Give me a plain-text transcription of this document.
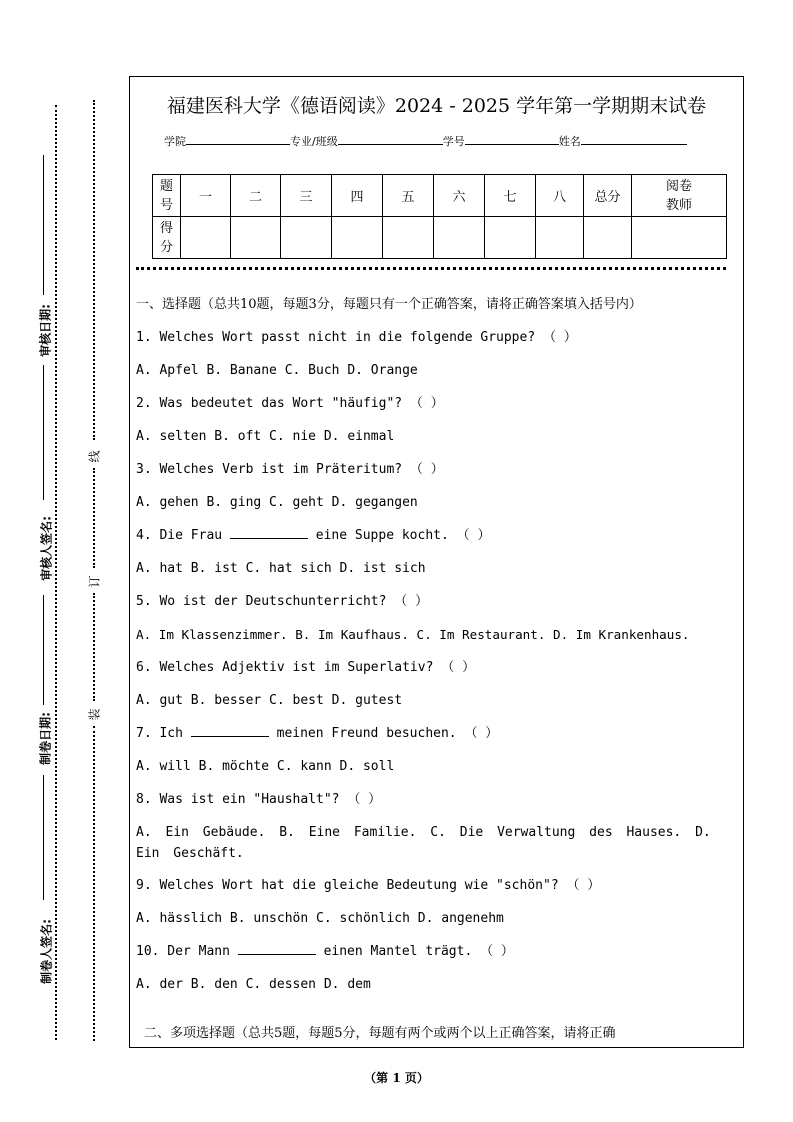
审核日期:
审核人签名:
制卷日期:
制卷人签名:
线
订
装
福建医科大学《德语阅读》2024 - 2025 学年第一学期期末试卷
学院	专业/班级	学号	姓名
题号	一	二	三	四	五	六	七	八	总分	阅卷教师

得分										

一、选择题（总共10题，每题3分，每题只有一个正确答案，请将正确答案填入括号内）
1. Welches Wort passt nicht in die folgende Gruppe? （ ）
A. Apfel B. Banane C. Buch D. Orange
2. Was bedeutet das Wort "häufig"? （ ）
A. selten B. oft C. nie D. einmal
3. Welches Verb ist im Präteritum? （ ）
A. gehen B. ging C. geht D. gegangen
4. Die Frau	eine Suppe kocht. （ ）
A. hat B. ist C. hat sich D. ist sich
5. Wo ist der Deutschunterricht? （ ）
A. Im Klassenzimmer. B. Im Kaufhaus. C. Im Restaurant. D. Im Krankenhaus.
6. Welches Adjektiv ist im Superlativ? （ ）
A. gut B. besser C. best D. gutest
7. Ich	meinen Freund besuchen. （ ）
A. will B. möchte C. kann D. soll
8. Was ist ein "Haushalt"? （ ）
A. Ein Gebäude. B. Eine Familie. C. Die Verwaltung des Hauses. D. Ein Geschäft.
9. Welches Wort hat die gleiche Bedeutung wie "schön"? （ ）
A. hässlich B. unschön C. schönlich D. angenehm
10. Der Mann	einen Mantel trägt. （ ）
A. der B. den C. dessen D. dem
二、多项选择题（总共5题，每题5分，每题有两个或两个以上正确答案，请将正确
（第 1 页）
